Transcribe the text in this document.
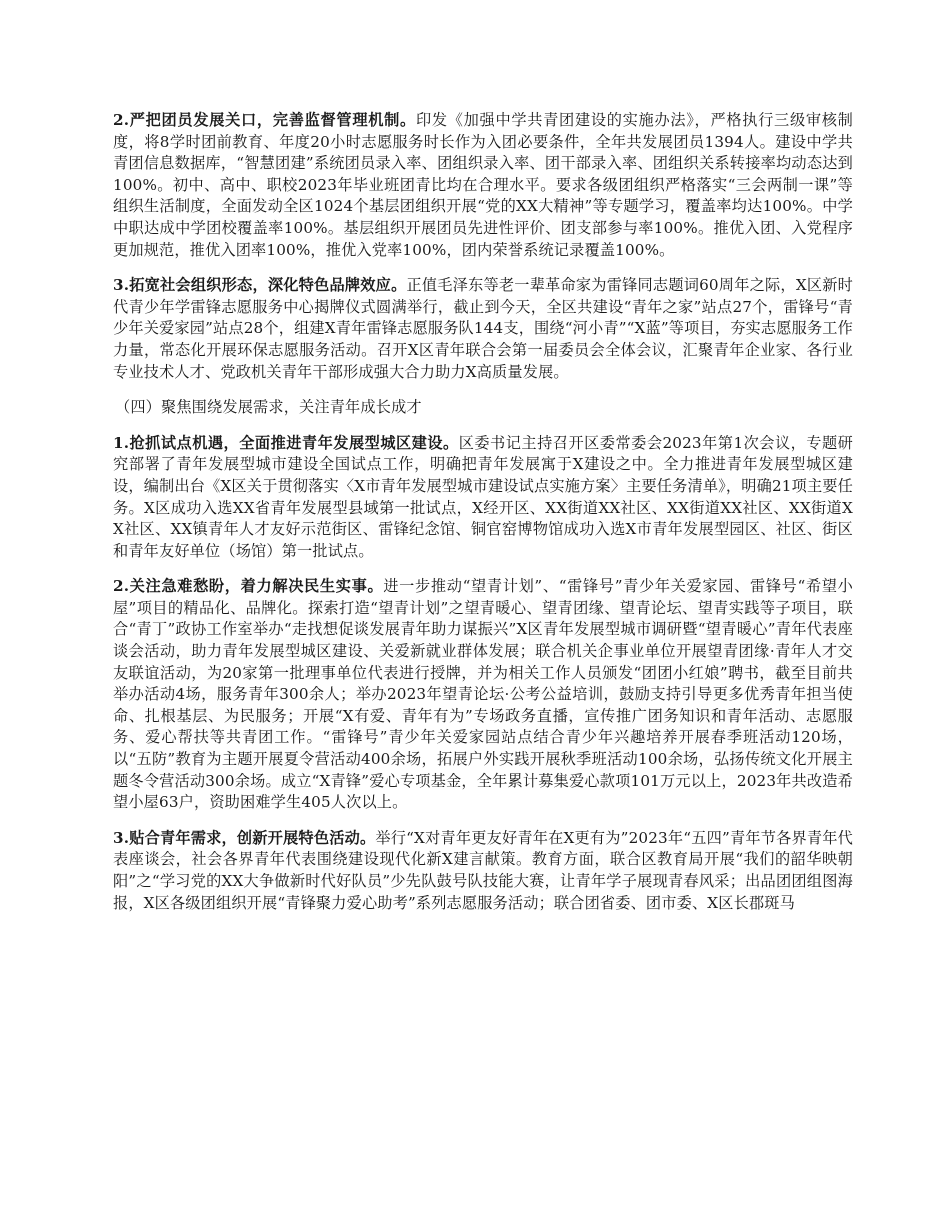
2.严把团员发展关口，完善监督管理机制。印发《加强中学共青团建设的实施办法》，严格执行三级审核制度，将8学时团前教育、年度20小时志愿服务时长作为入团必要条件，全年共发展团员1394人。建设中学共青团信息数据库，“智慧团建”系统团员录入率、团组织录入率、团干部录入率、团组织关系转接率均动态达到100%。初中、高中、职校2023年毕业班团青比均在合理水平。要求各级团组织严格落实“三会两制一课”等组织生活制度，全面发动全区1024个基层团组织开展“党的XX大精神”等专题学习，覆盖率均达100%。中学中职达成中学团校覆盖率100%。基层组织开展团员先进性评价、团支部参与率100%。推优入团、入党程序更加规范，推优入团率100%，推优入党率100%，团内荣誉系统记录覆盖100%。

3.拓宽社会组织形态，深化特色品牌效应。正值毛泽东等老一辈革命家为雷锋同志题词60周年之际，X区新时代青少年学雷锋志愿服务中心揭牌仪式圆满举行，截止到今天，全区共建设“青年之家”站点27个，雷锋号“青少年关爱家园”站点28个，组建X青年雷锋志愿服务队144支，围绕“河小青”“X蓝”等项目，夯实志愿服务工作力量，常态化开展环保志愿服务活动。召开X区青年联合会第一届委员会全体会议，汇聚青年企业家、各行业专业技术人才、党政机关青年干部形成强大合力助力X高质量发展。

（四）聚焦围绕发展需求，关注青年成长成才

1.抢抓试点机遇，全面推进青年发展型城区建设。区委书记主持召开区委常委会2023年第1次会议，专题研究部署了青年发展型城市建设全国试点工作，明确把青年发展寓于X建设之中。全力推进青年发展型城区建设，编制出台《X区关于贯彻落实〈X市青年发展型城市建设试点实施方案〉主要任务清单》，明确21项主要任务。X区成功入选XX省青年发展型县域第一批试点，X经开区、XX街道XX社区、XX街道XX社区、XX街道XX社区、XX镇青年人才友好示范街区、雷锋纪念馆、铜官窑博物馆成功入选X市青年发展型园区、社区、街区和青年友好单位（场馆）第一批试点。

2.关注急难愁盼，着力解决民生实事。进一步推动“望青计划”、“雷锋号”青少年关爱家园、雷锋号“希望小屋”项目的精品化、品牌化。探索打造“望青计划”之望青暖心、望青团缘、望青论坛、望青实践等子项目，联合“青丁”政协工作室举办“走找想促谈发展青年助力谋振兴”X区青年发展型城市调研暨“望青暖心”青年代表座谈会活动，助力青年发展型城区建设、关爱新就业群体发展；联合机关企事业单位开展望青团缘·青年人才交友联谊活动，为20家第一批理事单位代表进行授牌，并为相关工作人员颁发“团团小红娘”聘书，截至目前共举办活动4场，服务青年300余人；举办2023年望青论坛·公考公益培训，鼓励支持引导更多优秀青年担当使命、扎根基层、为民服务；开展“X有爱、青年有为”专场政务直播，宣传推广团务知识和青年活动、志愿服务、爱心帮扶等共青团工作。“雷锋号”青少年关爱家园站点结合青少年兴趣培养开展春季班活动120场，以“五防”教育为主题开展夏令营活动400余场，拓展户外实践开展秋季班活动100余场，弘扬传统文化开展主题冬令营活动300余场。成立“X青锋”爱心专项基金，全年累计募集爱心款项101万元以上，2023年共改造希望小屋63户，资助困难学生405人次以上。

3.贴合青年需求，创新开展特色活动。举行“X对青年更友好青年在X更有为”2023年“五四”青年节各界青年代表座谈会，社会各界青年代表围绕建设现代化新X建言献策。教育方面，联合区教育局开展“我们的韶华映朝阳”之“学习党的XX大争做新时代好队员”少先队鼓号队技能大赛，让青年学子展现青春风采；出品团团组图海报，X区各级团组织开展“青锋聚力爱心助考”系列志愿服务活动；联合团省委、团市委、X区长郡斑马
